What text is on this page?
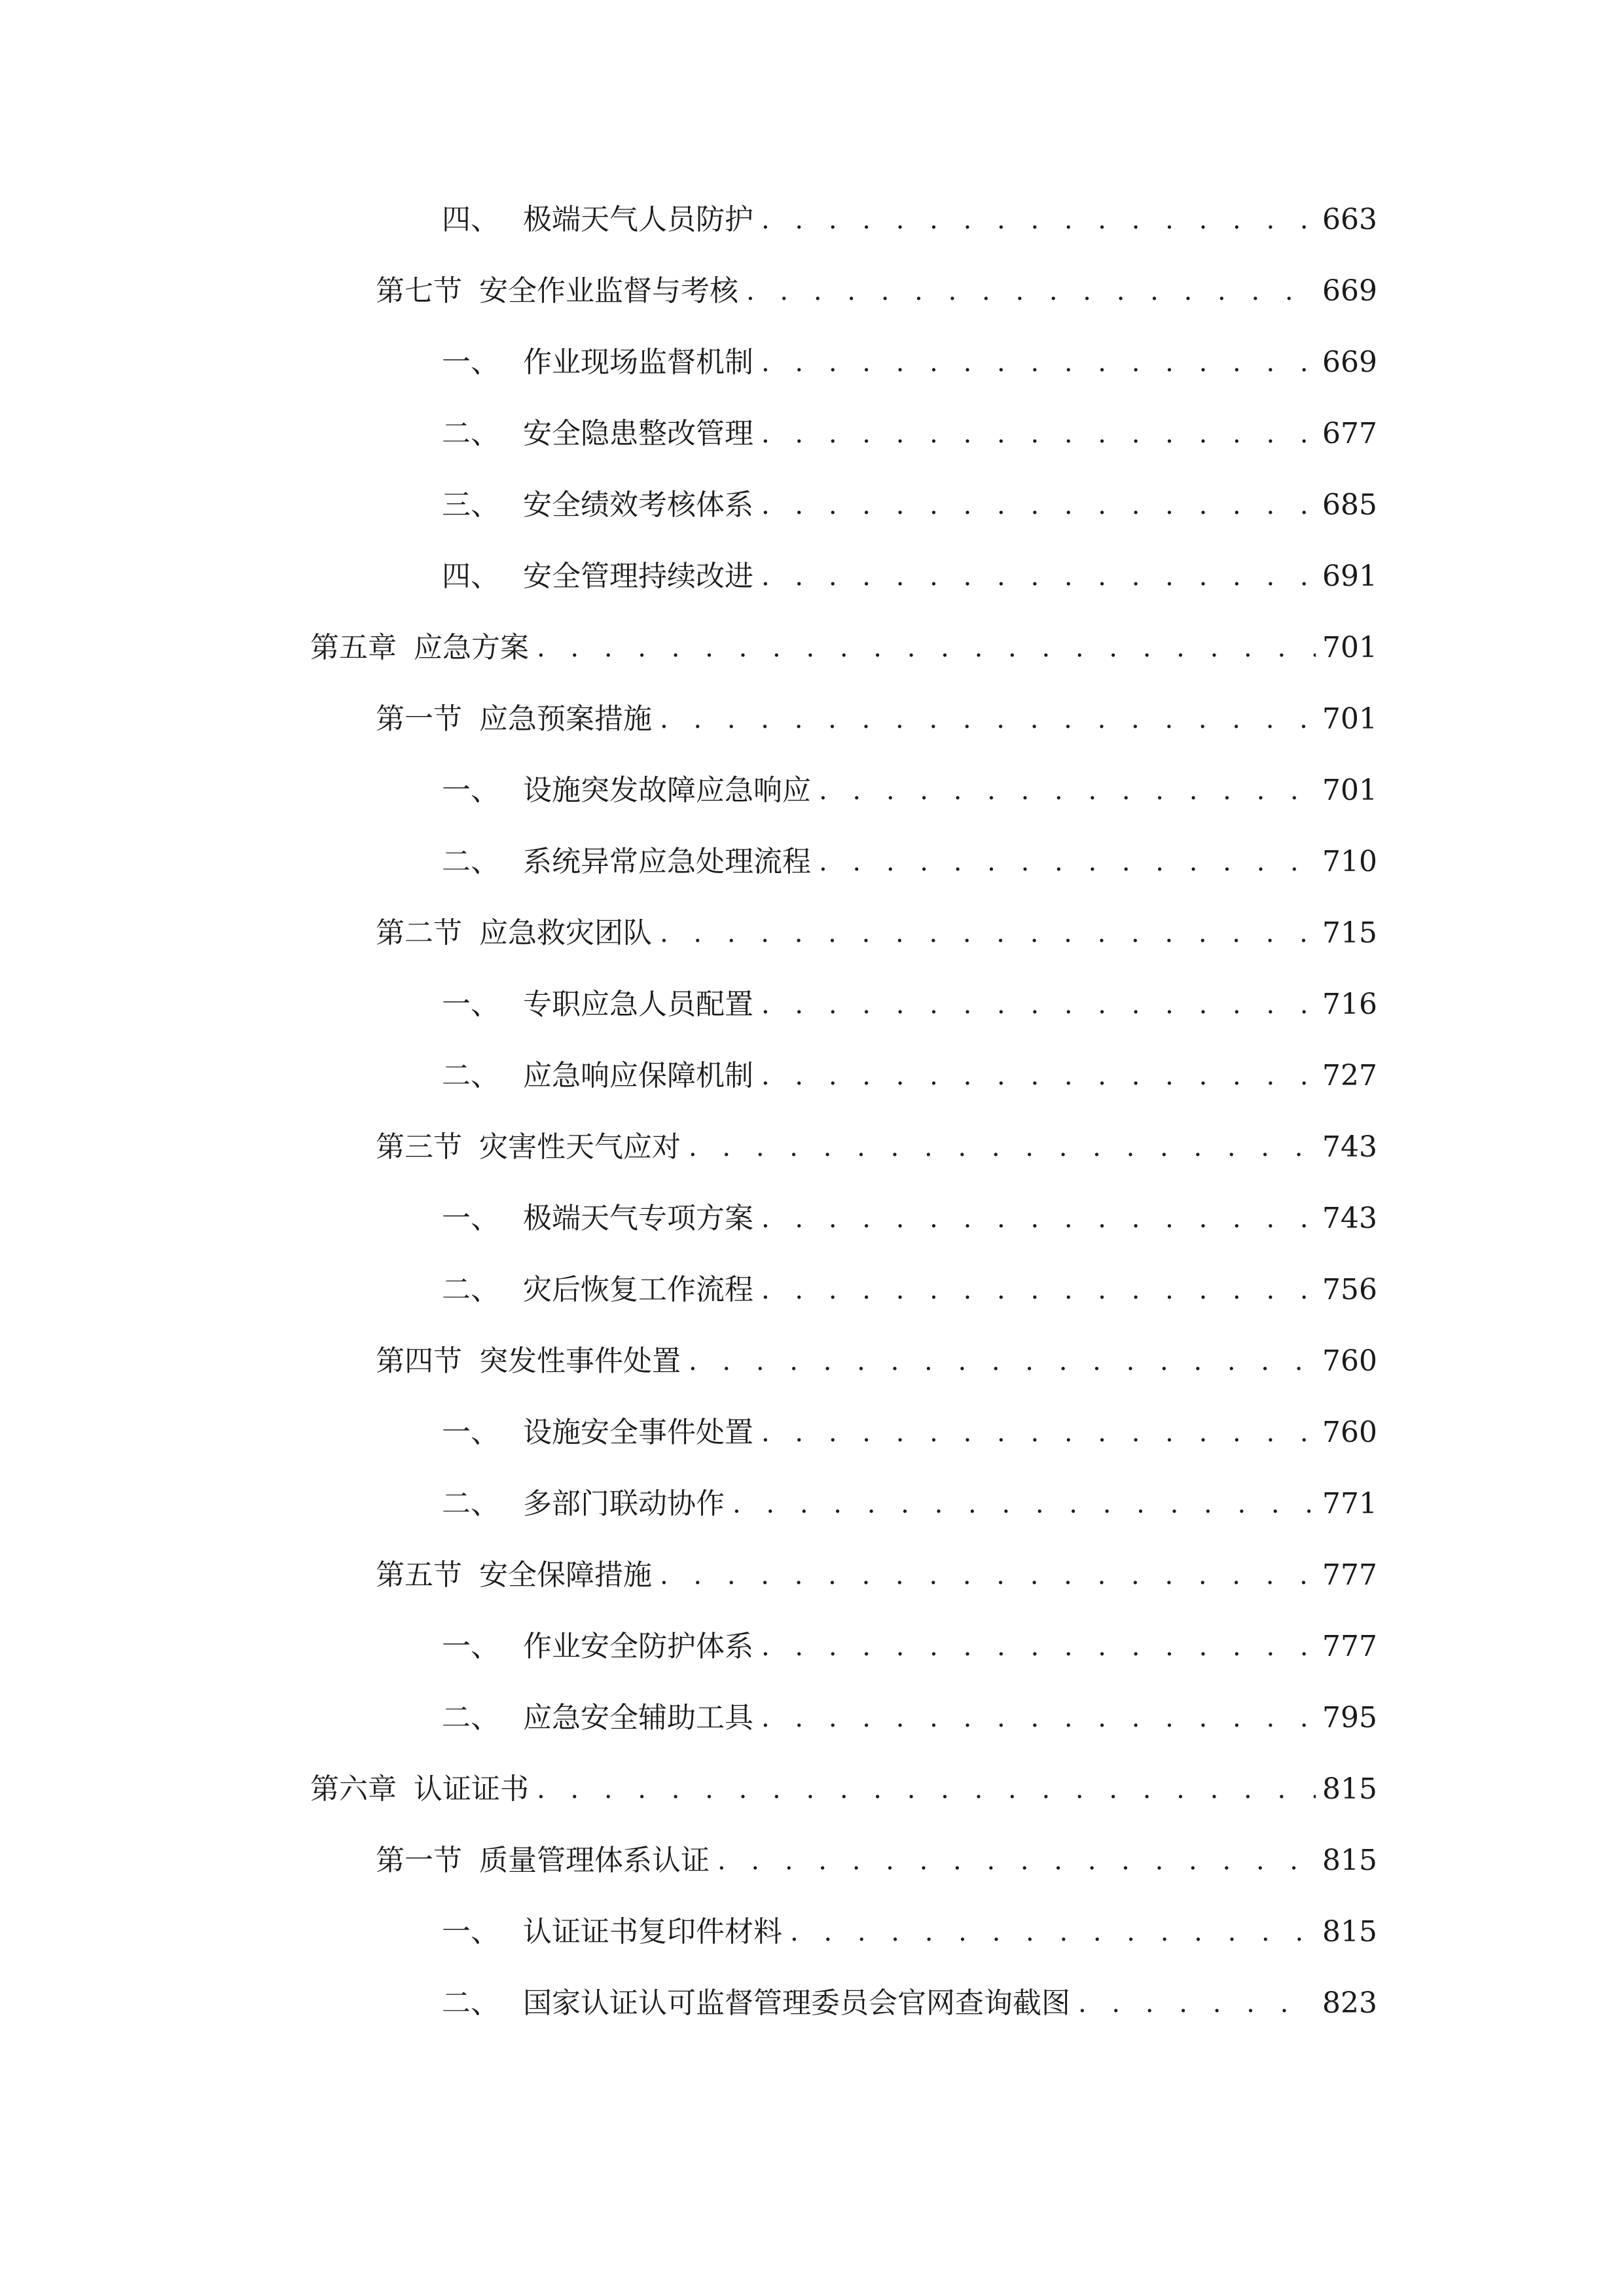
四、 极端天气人员防护 . . .	663
第七节 安全作业监督与考核 . . .	669
一、 作业现场监督机制 . . .	669
二、 安全隐患整改管理 . . .	677
三、 安全绩效考核体系 . . .	685
四、 安全管理持续改进 . . .	691
第五章 应急方案 . . .	701
第一节 应急预案措施 . . .	701
一、 设施突发故障应急响应 . . .	701
二、 系统异常应急处理流程 . . .	710
第二节 应急救灾团队 . . .	715
一、 专职应急人员配置 . . .	716
二、 应急响应保障机制 . . .	727
第三节 灾害性天气应对 . . .	743
一、 极端天气专项方案 . . .	743
二、 灾后恢复工作流程 . . .	756
第四节 突发性事件处置 . . .	760
一、 设施安全事件处置 . . .	760
二、 多部门联动协作 . . .	771
第五节 安全保障措施 . . .	777
一、 作业安全防护体系 . . .	777
二、 应急安全辅助工具 . . .	795
第六章 认证证书 . . .	815
第一节 质量管理体系认证 . . .	815
一、 认证证书复印件材料 . . .	815
二、 国家认证认可监督管理委员会官网查询截图 . . .	823
